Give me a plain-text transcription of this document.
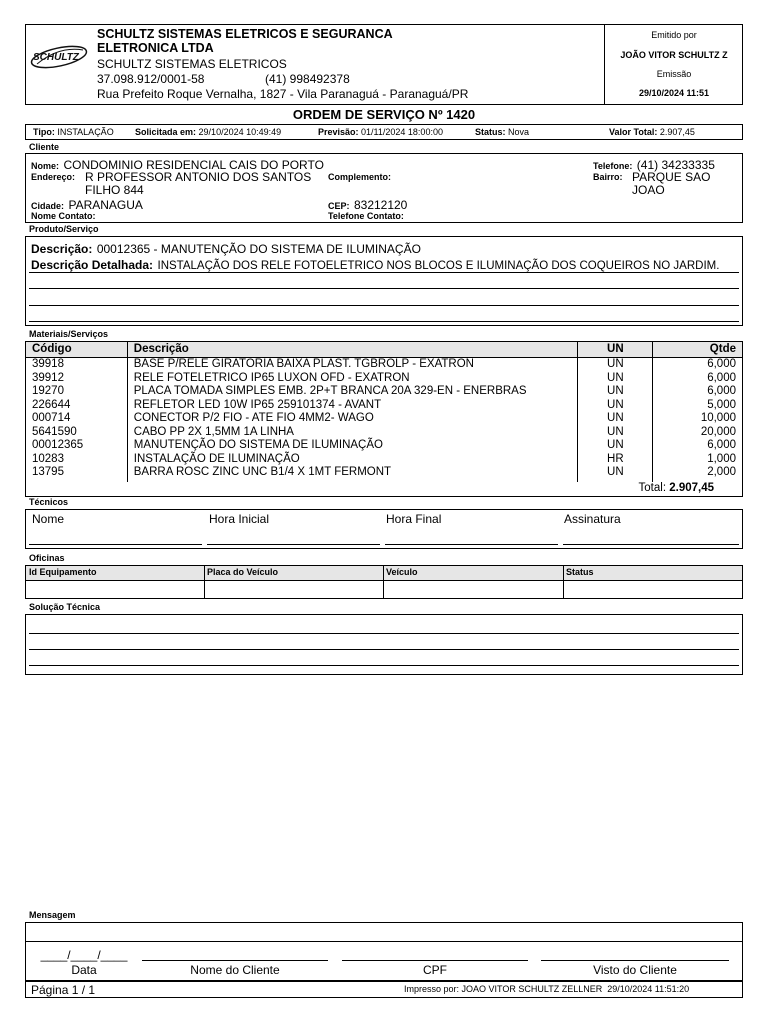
SCHULTZ
SCHULTZ SISTEMAS ELETRICOS E SEGURANCA ELETRONICA LTDA
SCHULTZ SISTEMAS ELETRICOS
37.098.912/0001-58	(41) 998492378
Rua Prefeito Roque Vernalha, 1827 - Vila Paranaguá - Paranaguá/PR
Emitido por
JOÃO VITOR SCHULTZ Z
Emissão
29/10/2024 11:51
ORDEM DE SERVIÇO Nº 1420
Tipo: INSTALAÇÃO	Solicitada em: 29/10/2024 10:49:49	Previsão: 01/11/2024 18:00:00	Status: Nova	Valor Total: 2.907,45
Cliente
Nome: CONDOMINIO RESIDENCIAL CAIS DO PORTO	Telefone: (41) 34233335
Endereço: R PROFESSOR ANTONIO DOS SANTOS
FILHO 844
Complemento:	Bairro: PARQUE SAO
JOAO
Cidade: PARANAGUA	CEP: 83212120
Nome Contato:	Telefone Contato:
Produto/Serviço
Descrição: 00012365 - MANUTENÇÃO DO SISTEMA DE ILUMINAÇÃO
Descrição Detalhada: INSTALAÇÃO DOS RELE FOTOELETRICO NOS BLOCOS E ILUMINAÇÃO DOS COQUEIROS NO JARDIM.
Materiais/Serviços
Código	Descrição	UN	Qtde
39918	BASE P/RELE GIRATORIA BAIXA PLAST. TGBROLP - EXATRON	UN	6,000
39912	RELE FOTELETRICO IP65 LUXON OFD - EXATRON	UN	6,000
19270	PLACA TOMADA SIMPLES EMB. 2P+T BRANCA 20A 329-EN - ENERBRAS	UN	6,000
226644	REFLETOR LED 10W IP65 259101374 - AVANT	UN	5,000
000714	CONECTOR P/2 FIO - ATE FIO 4MM2- WAGO	UN	10,000
5641590	CABO PP 2X 1,5MM 1A LINHA	UN	20,000
00012365	MANUTENÇÃO DO SISTEMA DE ILUMINAÇÃO	UN	6,000
10283	INSTALAÇÃO DE ILUMINAÇÃO	HR	1,000
13795	BARRA ROSC ZINC UNC B1/4 X 1MT FERMONT	UN	2,000
Total: 2.907,45
Técnicos
Nome	Hora Inicial	Hora Final	Assinatura
Oficinas
Id Equipamento	Placa do Veículo	Veículo	Status
Solução Técnica
Mensagem
____/____/____
Data	Nome do Cliente	CPF	Visto do Cliente
Página 1 / 1	Impresso por: JOAO VITOR SCHULTZ ZELLNER 29/10/2024 11:51:20
